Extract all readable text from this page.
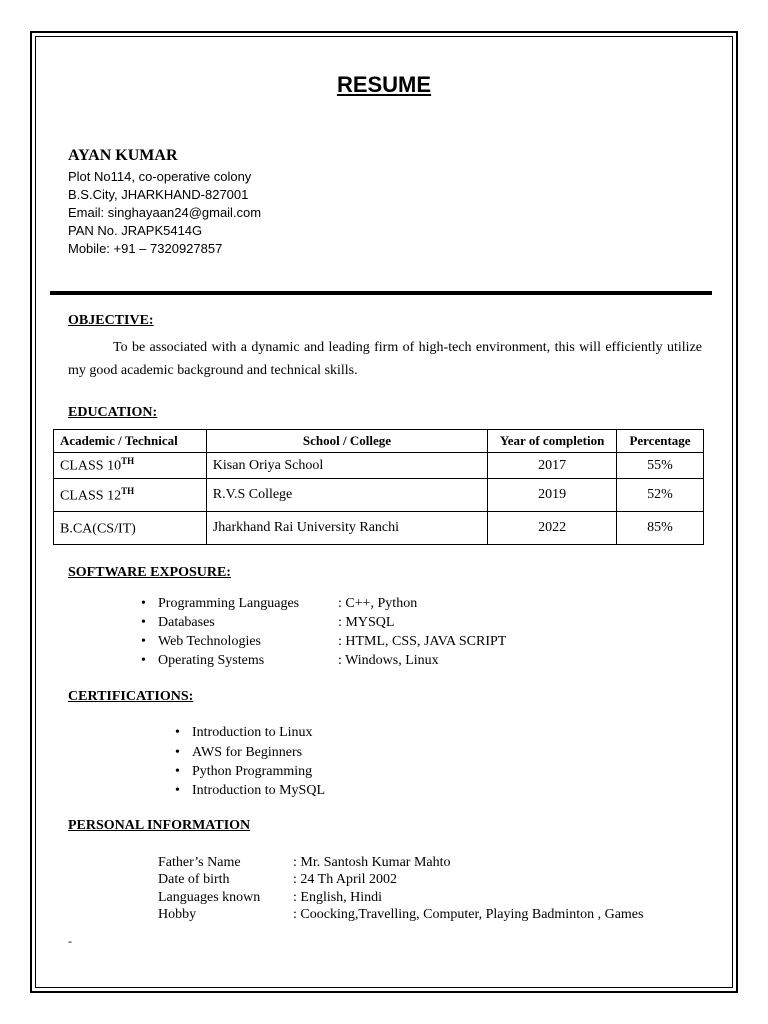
RESUME
AYAN KUMAR
Plot No114, co-operative colony
B.S.City, JHARKHAND-827001
Email: singhayaan24@gmail.com
PAN No. JRAPK5414G
Mobile: +91 – 7320927857
OBJECTIVE:
To be associated with a dynamic and leading firm of high-tech environment, this will efficiently utilize my good academic background and technical skills.
EDUCATION:
Academic / Technical	School / College	Year of completion	Percentage
CLASS 10TH	Kisan Oriya School	2017	55%
CLASS 12TH	R.V.S College	2019	52%
B.CA(CS/IT)	Jharkhand Rai University Ranchi	2022	85%
SOFTWARE EXPOSURE:
• Programming Languages	: C++, Python
• Databases	: MYSQL
• Web Technologies	: HTML, CSS, JAVA SCRIPT
• Operating Systems	: Windows, Linux
CERTIFICATIONS:
• Introduction to Linux
• AWS for Beginners
• Python Programming
• Introduction to MySQL
PERSONAL INFORMATION
Father’s Name	: Mr. Santosh Kumar Mahto
Date of birth	: 24 Th April 2002
Languages known : English, Hindi
Hobby	: Coocking,Travelling, Computer, Playing Badminton , Games
-
